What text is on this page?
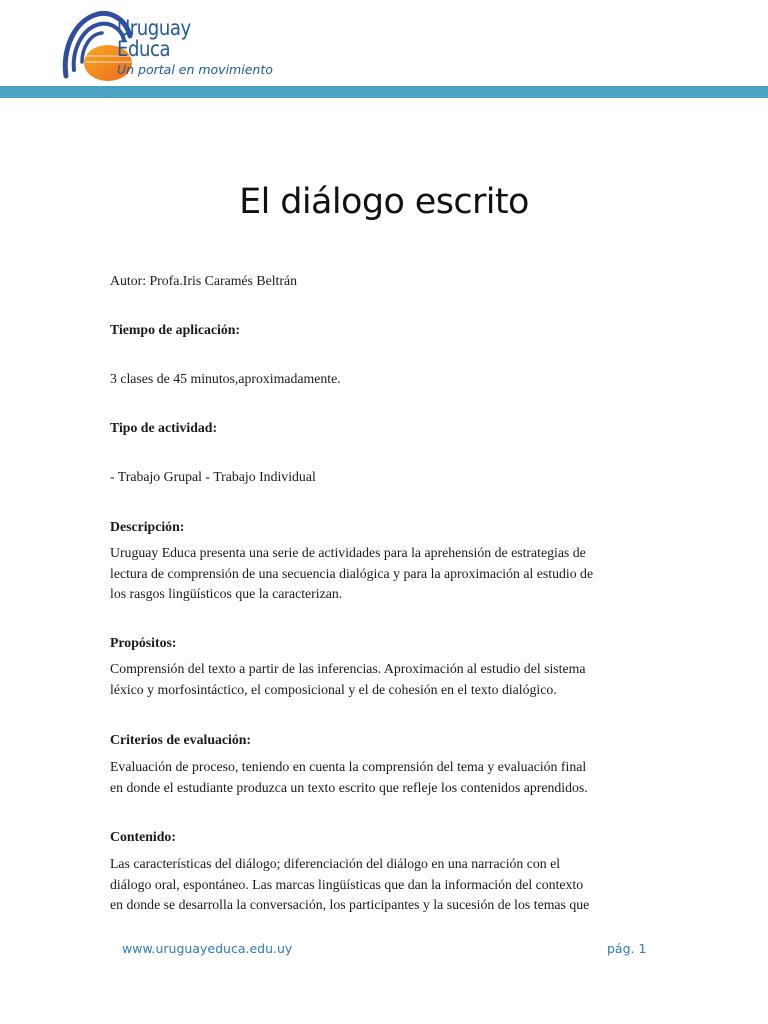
Uruguay
Educa
Un portal en movimiento
El diálogo escrito
Autor: Profa.Iris Caramés Beltrán
Tiempo de aplicación:
3 clases de 45 minutos,aproximadamente.
Tipo de actividad:
- Trabajo Grupal - Trabajo Individual
Descripción:
Uruguay Educa presenta una serie de actividades para la aprehensión de estrategias de
lectura de comprensión de una secuencia dialógica y para la aproximación al estudio de
los rasgos lingüísticos que la caracterizan.
Propósitos:
Comprensión del texto a partir de las inferencias. Aproximación al estudio del sistema
léxico y morfosintáctico, el composicional y el de cohesión en el texto dialógico.
Criterios de evaluación:
Evaluación de proceso, teniendo en cuenta la comprensión del tema y evaluación final
en donde el estudiante produzca un texto escrito que refleje los contenidos aprendidos.
Contenido:
Las características del diálogo; diferenciación del diálogo en una narración con el
diálogo oral, espontáneo. Las marcas lingüísticas que dan la información del contexto
en donde se desarrolla la conversación, los participantes y la sucesión de los temas que
www.uruguayeduca.edu.uy	pág. 1
